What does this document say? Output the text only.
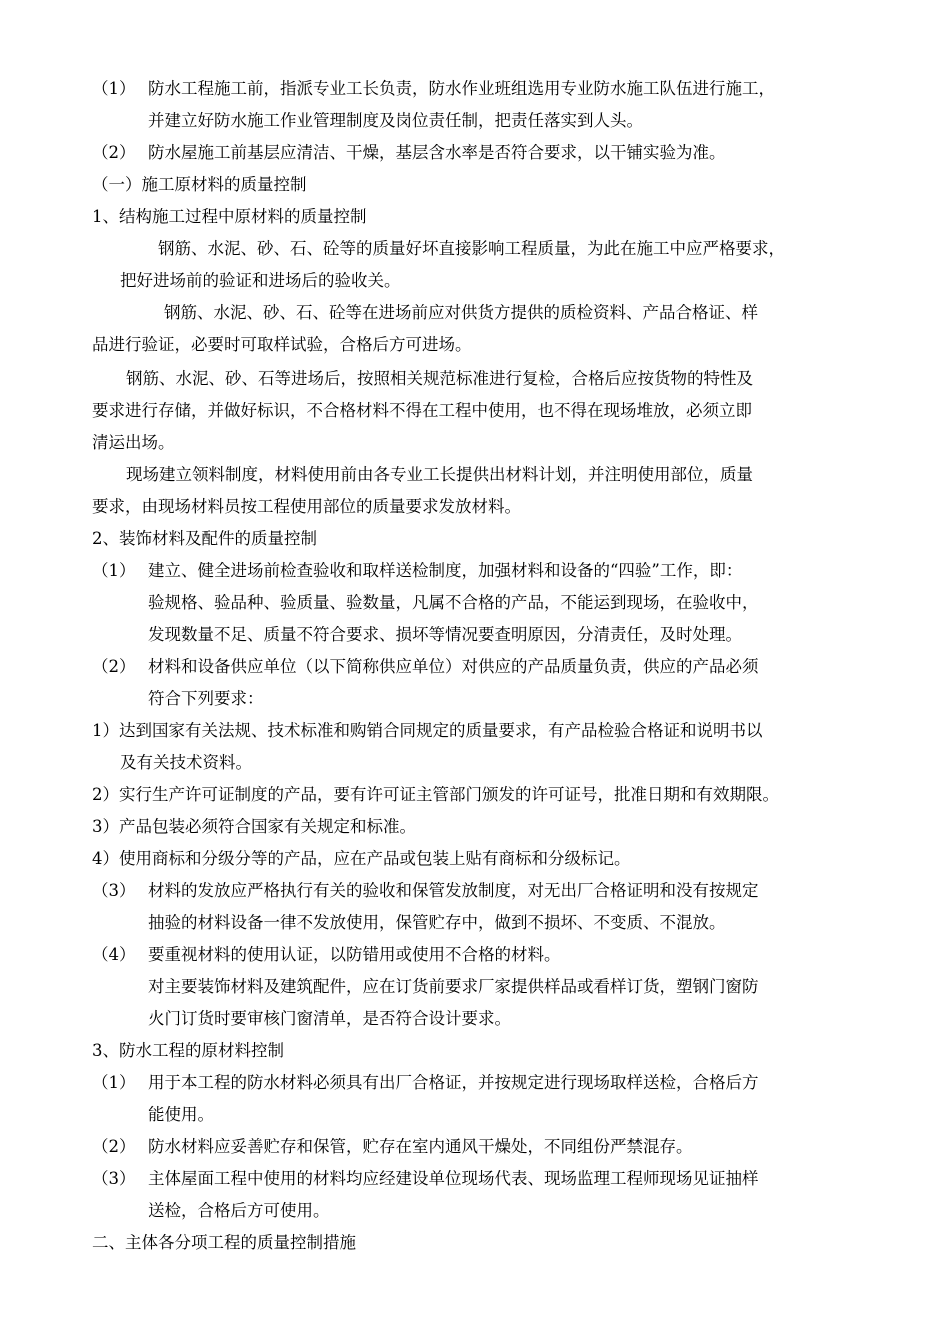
（1） 防水工程施工前，指派专业工长负责，防水作业班组选用专业防水施工队伍进行施工，
并建立好防水施工作业管理制度及岗位责任制，把责任落实到人头。
（2） 防水屋施工前基层应清洁、干燥，基层含水率是否符合要求，以干铺实验为准。
（一）施工原材料的质量控制
1、结构施工过程中原材料的质量控制
钢筋、水泥、砂、石、砼等的质量好坏直接影响工程质量，为此在施工中应严格要求，
把好进场前的验证和进场后的验收关。
钢筋、水泥、砂、石、砼等在进场前应对供货方提供的质检资料、产品合格证、样
品进行验证，必要时可取样试验，合格后方可进场。
钢筋、水泥、砂、石等进场后，按照相关规范标准进行复检，合格后应按货物的特性及
要求进行存储，并做好标识，不合格材料不得在工程中使用，也不得在现场堆放，必须立即
清运出场。
现场建立领料制度，材料使用前由各专业工长提供出材料计划，并注明使用部位，质量
要求，由现场材料员按工程使用部位的质量要求发放材料。
2、装饰材料及配件的质量控制
（1） 建立、健全进场前检查验收和取样送检制度，加强材料和设备的“四验”工作，即：
验规格、验品种、验质量、验数量，凡属不合格的产品，不能运到现场，在验收中，
发现数量不足、质量不符合要求、损坏等情况要查明原因，分清责任，及时处理。
（2） 材料和设备供应单位（以下简称供应单位）对供应的产品质量负责，供应的产品必须
符合下列要求：
1）达到国家有关法规、技术标准和购销合同规定的质量要求，有产品检验合格证和说明书以
及有关技术资料。
2）实行生产许可证制度的产品，要有许可证主管部门颁发的许可证号，批准日期和有效期限。
3）产品包装必须符合国家有关规定和标准。
4）使用商标和分级分等的产品，应在产品或包装上贴有商标和分级标记。
（3） 材料的发放应严格执行有关的验收和保管发放制度，对无出厂合格证明和没有按规定
抽验的材料设备一律不发放使用，保管贮存中，做到不损坏、不变质、不混放。
（4） 要重视材料的使用认证，以防错用或使用不合格的材料。
对主要装饰材料及建筑配件，应在订货前要求厂家提供样品或看样订货，塑钢门窗防
火门订货时要审核门窗清单，是否符合设计要求。
3、防水工程的原材料控制
（1） 用于本工程的防水材料必须具有出厂合格证，并按规定进行现场取样送检，合格后方
能使用。
（2） 防水材料应妥善贮存和保管，贮存在室内通风干燥处，不同组份严禁混存。
（3） 主体屋面工程中使用的材料均应经建设单位现场代表、现场监理工程师现场见证抽样
送检，合格后方可使用。
二、主体各分项工程的质量控制措施
